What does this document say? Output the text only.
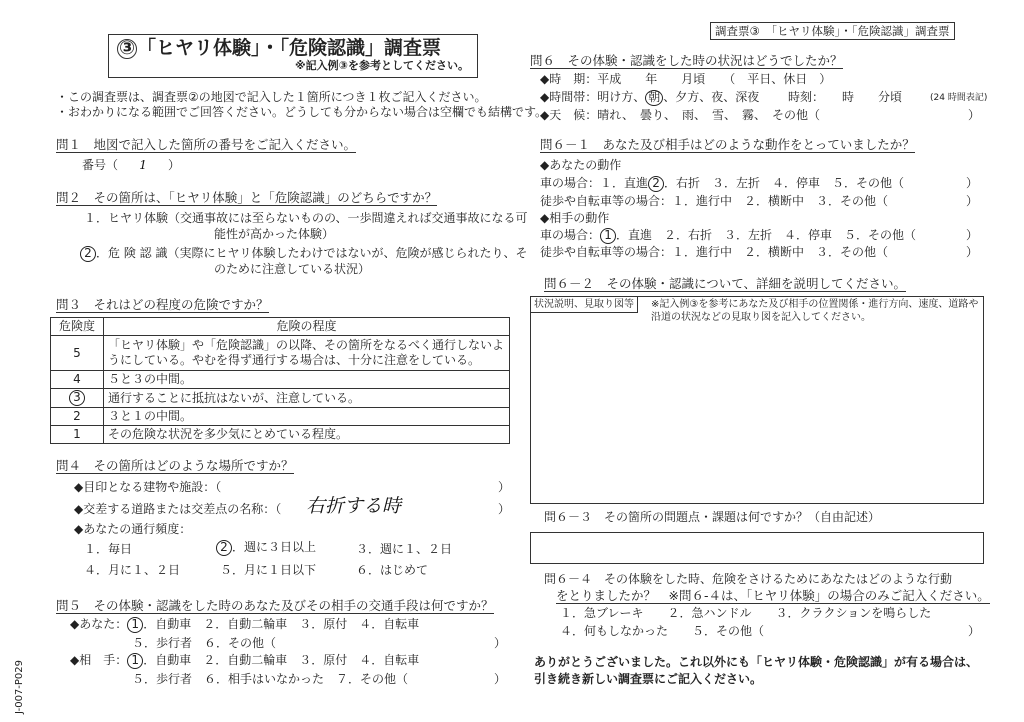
③ 「ヒヤリ体験」・「危険認識」調査票
※記入例③を参考としてください。
・この調査票は、調査票②の地図で記入した１箇所につき１枚ご記入ください。
・おわかりになる範囲でご回答ください。どうしても分からない場合は空欄でも結構です。
問１　地図で記入した箇所の番号をご記入ください。
番号（ 1 ）
問２　その箇所は、「ヒヤリ体験」と「危険認識」のどちらですか？
１．ヒヤリ体験（交通事故には至らないものの、一歩間違えれば交通事故になる可
能性が高かった体験）
2 ．危 険 認 識（実際にヒヤリ体験したわけではないが、危険が感じられたり、そ
のために注意している状況）
問３　それはどの程度の危険ですか？
危険度	危険の程度
5	「ヒヤリ体験」や「危険認識」の以降、その箇所をなるべく通行しないようにしている。やむを得ず通行する場合は、十分に注意をしている。
4	５と３の中間。
3	通行することに抵抗はないが、注意している。
2	３と１の中間。
1	その危険な状況を多少気にとめている程度。
問４　その箇所はどのような場所ですか？
◆目印となる建物や施設：（	）
◆交差する道路または交差点の名称：（ 右折する時	）
◆あなたの通行頻度：
１．毎日	2 ．週に３日以上	３．週に１、２日
４．月に１、２日	５．月に１日以下	６．はじめて
問５　その体験・認識をした時のあなた及びその相手の交通手段は何ですか？
◆あなた： 1 ．自動車　２．自動二輪車　３．原付　４．自転車
５．歩行者　６．その他（	）
◆相　手： 1 ．自動車　２．自動二輪車　３．原付　４．自転車
５．歩行者　６．相手はいなかった　７．その他（	）
J-007-P029
調査票③　「ヒヤリ体験」・「危険認識」調査票
問６　その体験・認識をした時の状況はどうでしたか？
◆時　期：平成　　年　　月頃　　（　平日、休日　）
◆時間帯：明け方、 朝 、夕方、夜、深夜 時刻：　　時　　分頃	(24 時間表記)
◆天　候：晴れ、　曇り、　雨、　雪、　霧、　その他（	）
問６－１　あなた及び相手はどのような動作をとっていましたか？
◆あなたの動作
車の場合：１．直進 2 ．右折　３．左折　４．停車　５．その他（	）
徒歩や自転車等の場合：１．進行中　２．横断中　３．その他（	）
◆相手の動作
車の場合： 1 ．直進　２．右折　３．左折　４．停車　５．その他（	）
徒歩や自転車等の場合：１．進行中　２．横断中　３．その他（	）
問６－２　その体験・認識について、詳細を説明してください。
状況説明、見取り図等	※記入例③を参考にあなた及び相手の位置関係・進行方向、速度、道路や沿道の状況などの見取り図を記入してください。
問６－３　その箇所の問題点・課題は何ですか？（自由記述）
問６－４　その体験をした時、危険をさけるためにあなたはどのような行動
をとりましたか？　※問６-４は、「ヒヤリ体験」の場合のみご記入ください。
１．急ブレーキ　　２．急ハンドル　　３．クラクションを鳴らした
４．何もしなかった　　５．その他（	）
ありがとうございました。これ以外にも「ヒヤリ体験・危険認識」が有る場合は、
引き続き新しい調査票にご記入ください。
